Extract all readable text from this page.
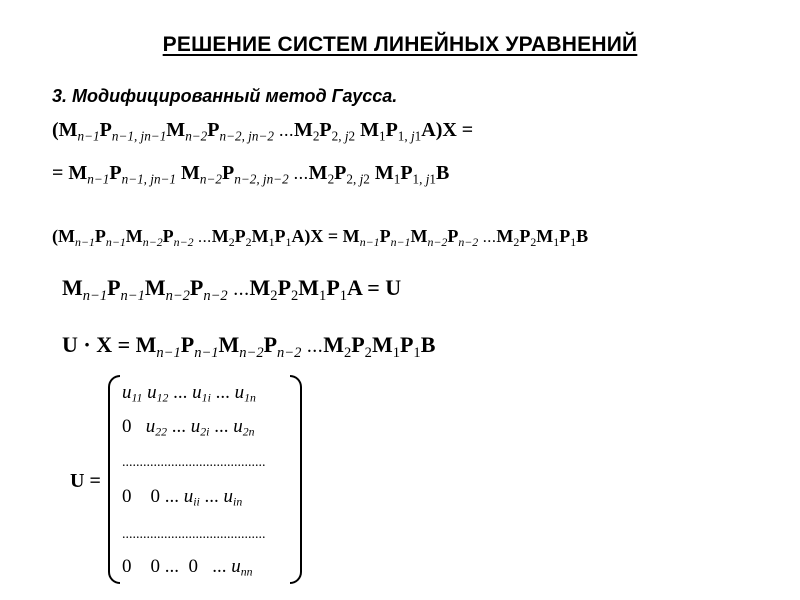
РЕШЕНИЕ СИСТЕМ ЛИНЕЙНЫХ УРАВНЕНИЙ
3. Модифицированный метод Гаусса.
($M_{n-1}P_{n-1, jn-1}M_{n-2}P_{n-2, jn-2}$ $...M_2P_{2, j2}$ $M_1P_{1, j1}A)X$ =
= $M_{n-1}P_{n-1, jn-1}$ $M_{n-2}P_{n-2, jn-2}$ $...M_2P_{2, j2}$ $M_1P_{1, j1}B$
($M_{n-1}P_{n-1}M_{n-2}P_{n-2}$ $...M_2P_2M_1P_1A)X = M_{n-1}P_{n-1}M_{n-2}P_{n-2}$ $...M_2P_2M_1P_1B$
$M_{n-1}P_{n-1}M_{n-2}P_{n-2}$ $...M_2P_2M_1P_1A = U$
$U \cdot X = M_{n-1}P_{n-1}M_{n-2}P_{n-2}$ $...M_2P_2M_1P_1B$
U =
$u_{11}$ $u_{12}$ ... $u_{1i}$ ... $u_{1n}$
0   $u_{22}$ ... $u_{2i}$ ... $u_{2n}$
.........................................
0    0 ... $u_{ii}$ ... $u_{in}$
.........................................
0    0 ...  0   ... $u_{nn}$
